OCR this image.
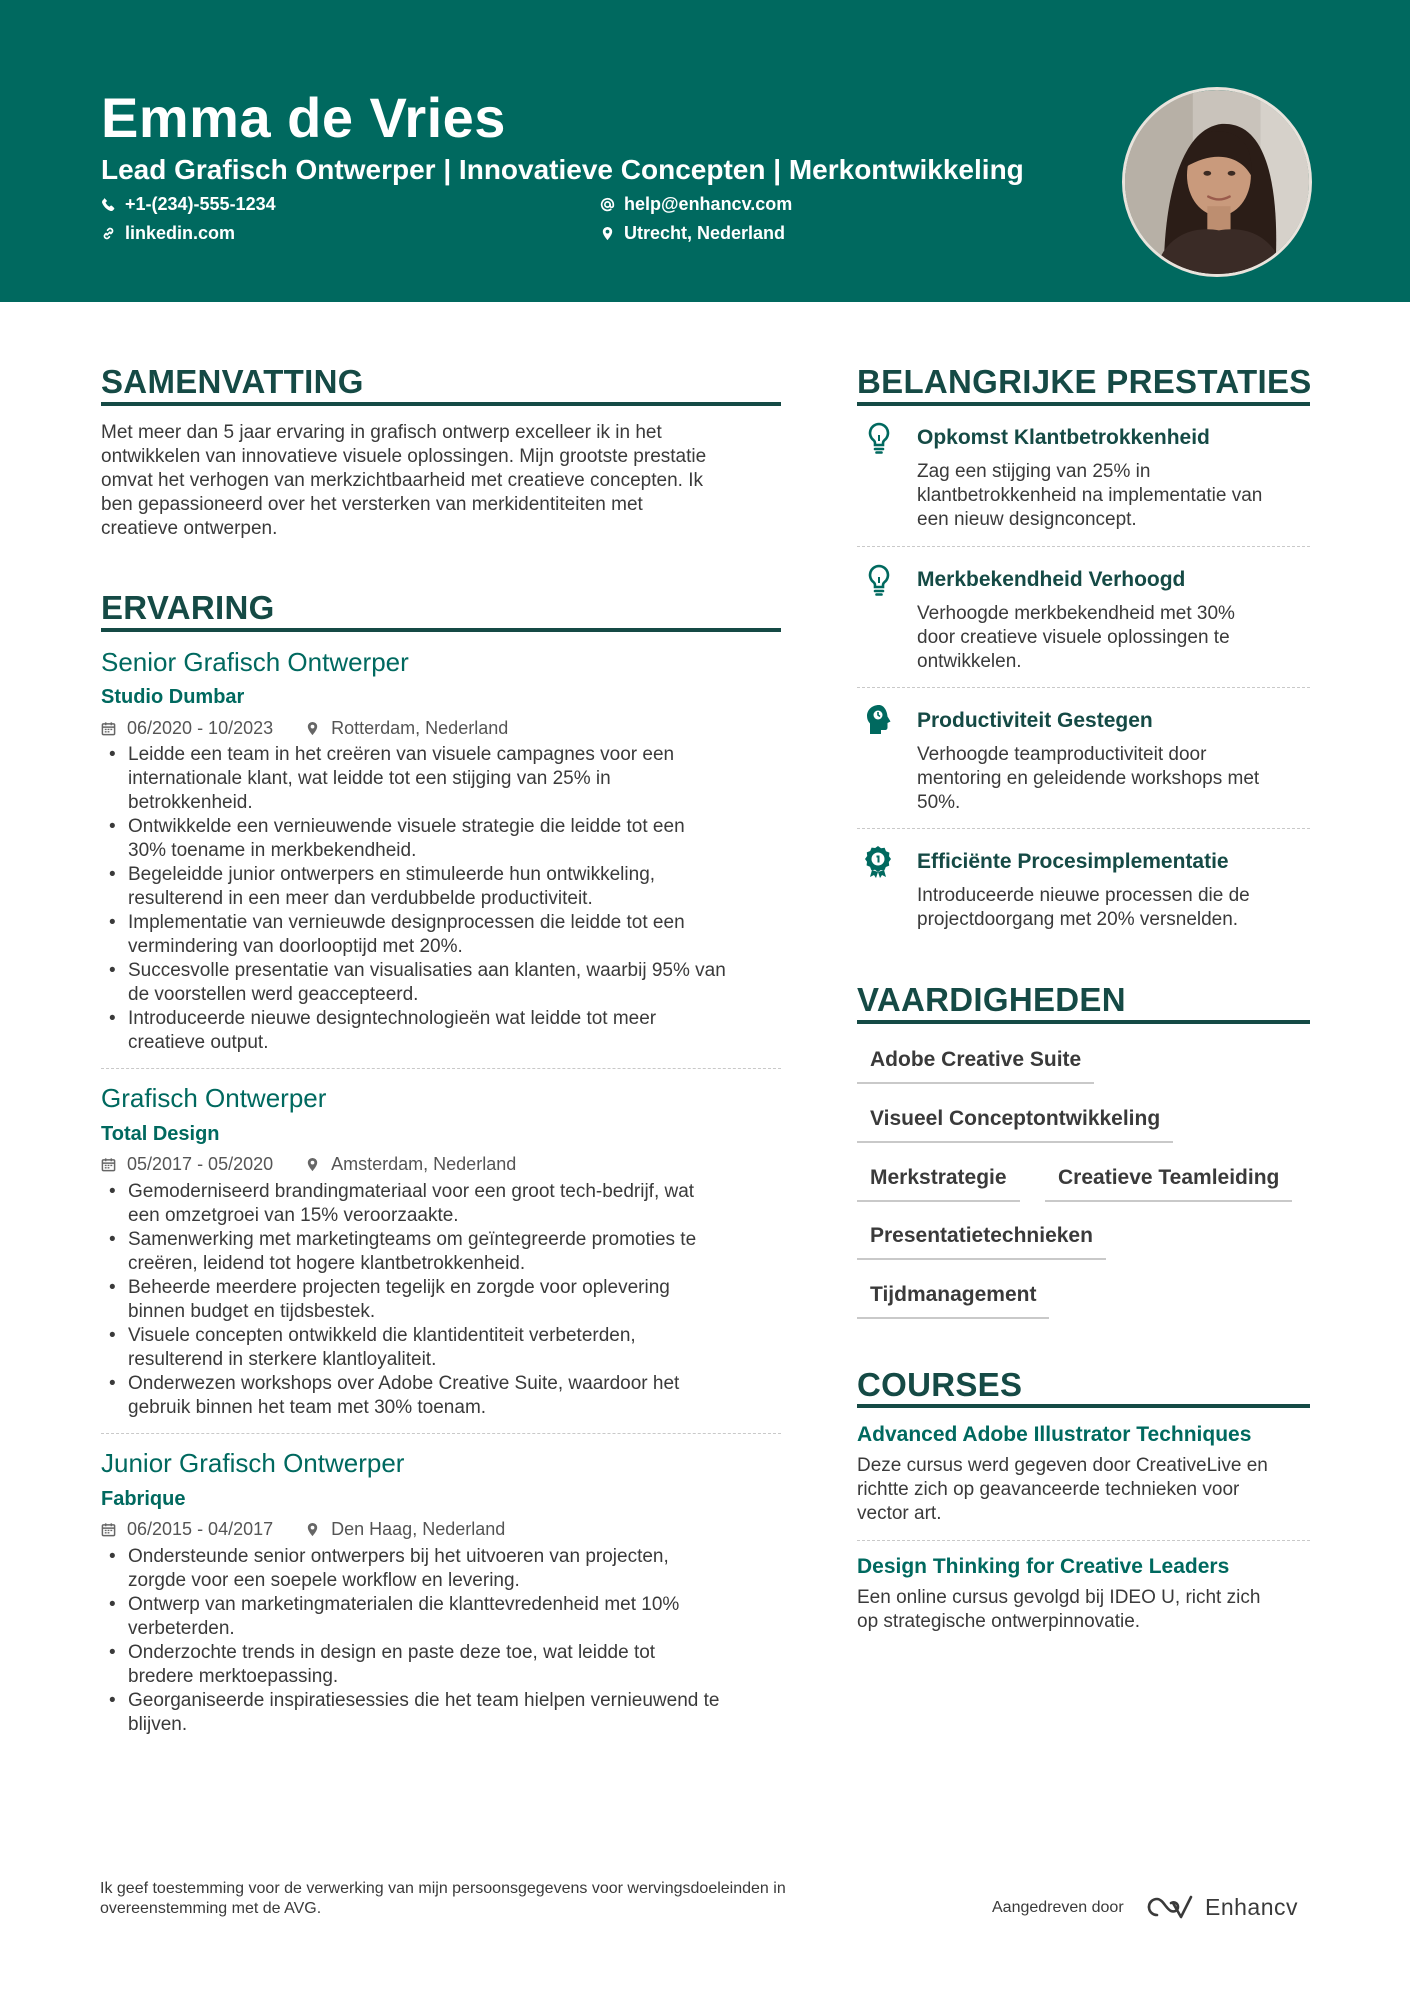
Emma de Vries
Lead Grafisch Ontwerper | Innovatieve Concepten | Merkontwikkeling
+1-(234)-555-1234	help@enhancv.com
linkedin.com	Utrecht, Nederland
SAMENVATTING
Met meer dan 5 jaar ervaring in grafisch ontwerp excelleer ik in het
ontwikkelen van innovatieve visuele oplossingen. Mijn grootste prestatie
omvat het verhogen van merkzichtbaarheid met creatieve concepten. Ik
ben gepassioneerd over het versterken van merkidentiteiten met
creatieve ontwerpen.
ERVARING
Senior Grafisch Ontwerper
Studio Dumbar
06/2020 - 10/2023	Rotterdam, Nederland
• Leidde een team in het creëren van visuele campagnes voor een
internationale klant, wat leidde tot een stijging van 25% in
betrokkenheid.
• Ontwikkelde een vernieuwende visuele strategie die leidde tot een
30% toename in merkbekendheid.
• Begeleidde junior ontwerpers en stimuleerde hun ontwikkeling,
resulterend in een meer dan verdubbelde productiviteit.
• Implementatie van vernieuwde designprocessen die leidde tot een
vermindering van doorlooptijd met 20%.
• Succesvolle presentatie van visualisaties aan klanten, waarbij 95% van
de voorstellen werd geaccepteerd.
• Introduceerde nieuwe designtechnologieën wat leidde tot meer
creatieve output.
Grafisch Ontwerper
Total Design
05/2017 - 05/2020	Amsterdam, Nederland
• Gemoderniseerd brandingmateriaal voor een groot tech-bedrijf, wat
een omzetgroei van 15% veroorzaakte.
• Samenwerking met marketingteams om geïntegreerde promoties te
creëren, leidend tot hogere klantbetrokkenheid.
• Beheerde meerdere projecten tegelijk en zorgde voor oplevering
binnen budget en tijdsbestek.
• Visuele concepten ontwikkeld die klantidentiteit verbeterden,
resulterend in sterkere klantloyaliteit.
• Onderwezen workshops over Adobe Creative Suite, waardoor het
gebruik binnen het team met 30% toenam.
Junior Grafisch Ontwerper
Fabrique
06/2015 - 04/2017	Den Haag, Nederland
• Ondersteunde senior ontwerpers bij het uitvoeren van projecten,
zorgde voor een soepele workflow en levering.
• Ontwerp van marketingmaterialen die klanttevredenheid met 10%
verbeterden.
• Onderzochte trends in design en paste deze toe, wat leidde tot
bredere merktoepassing.
• Georganiseerde inspiratiesessies die het team hielpen vernieuwend te
blijven.
BELANGRIJKE PRESTATIES
Opkomst Klantbetrokkenheid
Zag een stijging van 25% in
klantbetrokkenheid na implementatie van
een nieuw designconcept.
Merkbekendheid Verhoogd
Verhoogde merkbekendheid met 30%
door creatieve visuele oplossingen te
ontwikkelen.
Productiviteit Gestegen
Verhoogde teamproductiviteit door
mentoring en geleidende workshops met
50%.
Efficiënte Procesimplementatie
Introduceerde nieuwe processen die de
projectdoorgang met 20% versnelden.
VAARDIGHEDEN
Adobe Creative Suite
Visueel Conceptontwikkeling
Merkstrategie	Creatieve Teamleiding
Presentatietechnieken
Tijdmanagement
COURSES
Advanced Adobe Illustrator Techniques
Deze cursus werd gegeven door CreativeLive en
richtte zich op geavanceerde technieken voor
vector art.
Design Thinking for Creative Leaders
Een online cursus gevolgd bij IDEO U, richt zich
op strategische ontwerpinnovatie.
Ik geef toestemming voor de verwerking van mijn persoonsgegevens voor wervingsdoeleinden in
overeenstemming met de AVG.	Aangedreven door	Enhancv
